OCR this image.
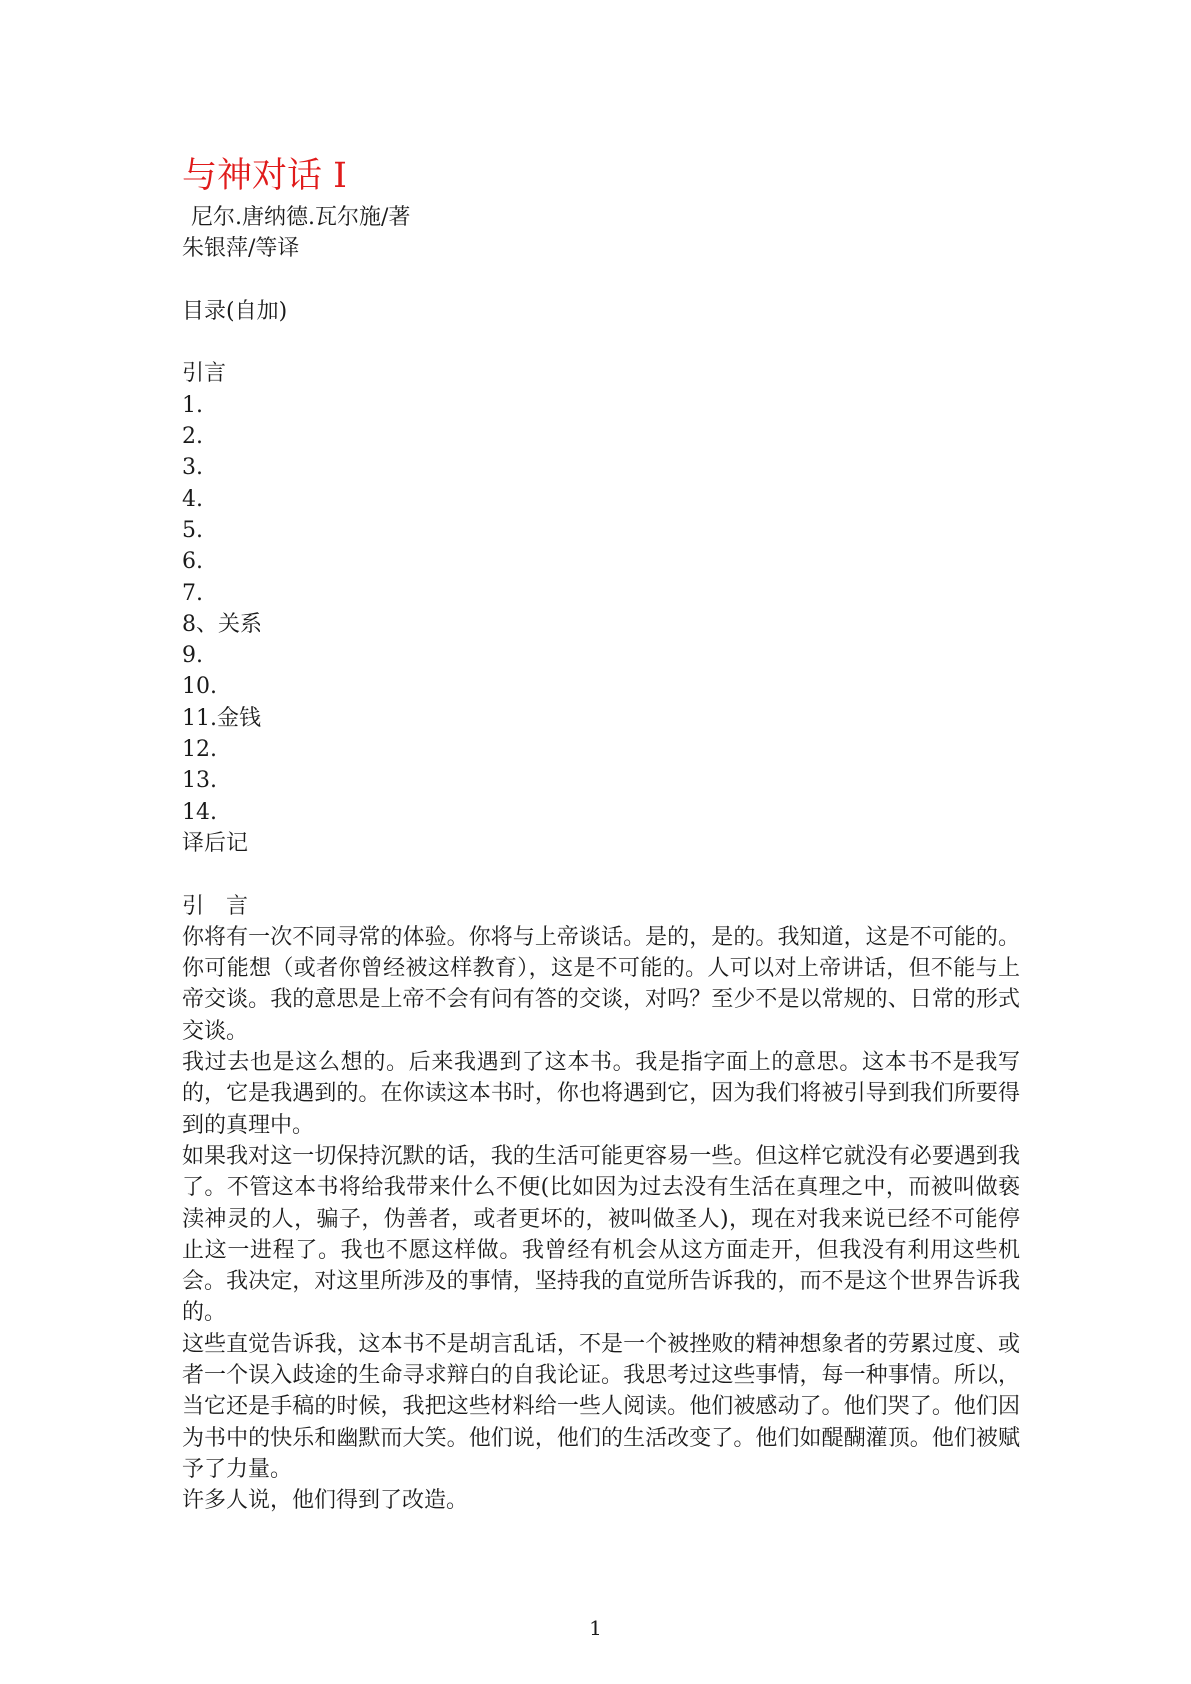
与神对话 I

尼尔.唐纳德.瓦尔施/著

朱银萍/等译

目录(自加)

引言

1.

2.

3.

4.

5.

6.

7.

8、关系

9.

10.

11.金钱

12.

13.

14.

译后记

引言

你将有一次不同寻常的体验。你将与上帝谈话。是的，是的。我知道，这是不可能的。你可能想（或者你曾经被这样教育），这是不可能的。人可以对上帝讲话，但不能与上帝交谈。我的意思是上帝不会有问有答的交谈，对吗？至少不是以常规的、日常的形式交谈。

我过去也是这么想的。后来我遇到了这本书。我是指字面上的意思。这本书不是我写的，它是我遇到的。在你读这本书时，你也将遇到它，因为我们将被引导到我们所要得到的真理中。

如果我对这一切保持沉默的话，我的生活可能更容易一些。但这样它就没有必要遇到我了。不管这本书将给我带来什么不便(比如因为过去没有生活在真理之中，而被叫做亵渎神灵的人，骗子，伪善者，或者更坏的，被叫做圣人)，现在对我来说已经不可能停止这一进程了。我也不愿这样做。我曾经有机会从这方面走开，但我没有利用这些机会。我决定，对这里所涉及的事情，坚持我的直觉所告诉我的，而不是这个世界告诉我的。

这些直觉告诉我，这本书不是胡言乱话，不是一个被挫败的精神想象者的劳累过度、或者一个误入歧途的生命寻求辩白的自我论证。我思考过这些事情，每一种事情。所以，当它还是手稿的时候，我把这些材料给一些人阅读。他们被感动了。他们哭了。他们因为书中的快乐和幽默而大笑。他们说，他们的生活改变了。他们如醍醐灌顶。他们被赋予了力量。

许多人说，他们得到了改造。

1
